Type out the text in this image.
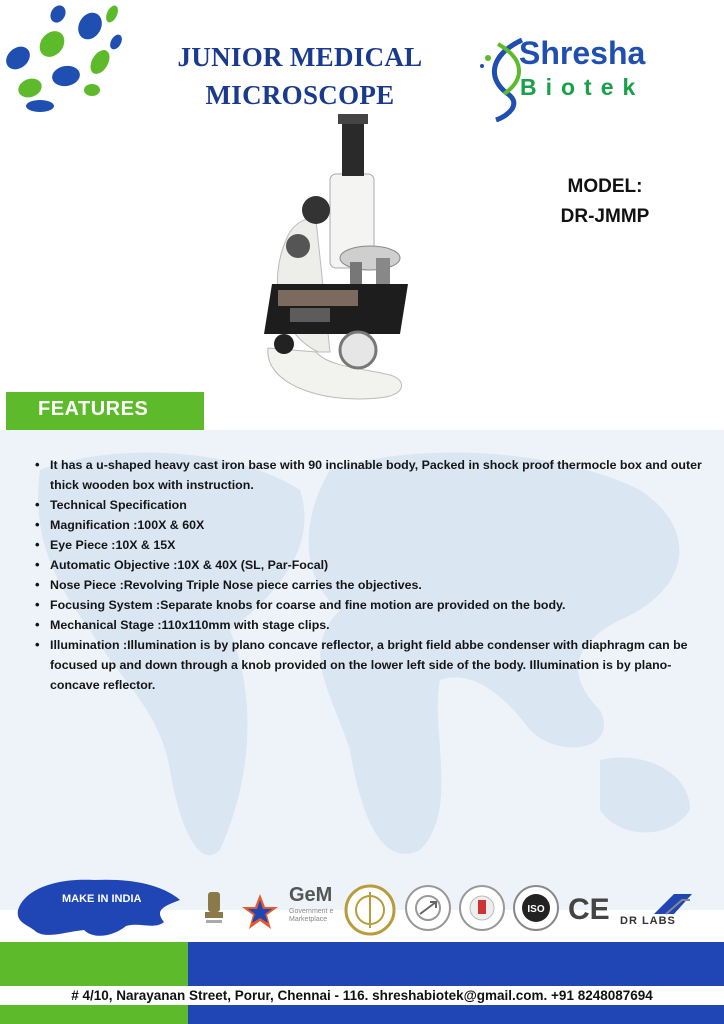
JUNIOR MEDICAL
MICROSCOPE
Shresha
Biotek
MODEL:
DR-JMMP
FEATURES
• It has a u-shaped heavy cast iron base with 90 inclinable body, Packed in shock proof thermocle box and outer thick wooden box with instruction.
• Technical Specification
• Magnification :100X & 60X
• Eye Piece :10X & 15X
• Automatic Objective :10X & 40X (SL, Par-Focal)
• Nose Piece :Revolving Triple Nose piece carries the objectives.
• Focusing System :Separate knobs for coarse and fine motion are provided on the body.
• Mechanical Stage :110x110mm with stage clips.
• Illumination :Illumination is by plano concave reflector, a bright field abbe condenser with diaphragm can be focused up and down through a knob provided on the lower left side of the body. Illumination is by plano-concave reflector.
MAKE IN INDIA	GeM
Government e Marketplace
ISO CE DR LABS
# 4/10, Narayanan Street, Porur, Chennai - 116. shreshabiotek@gmail.com. +91 8248087694
